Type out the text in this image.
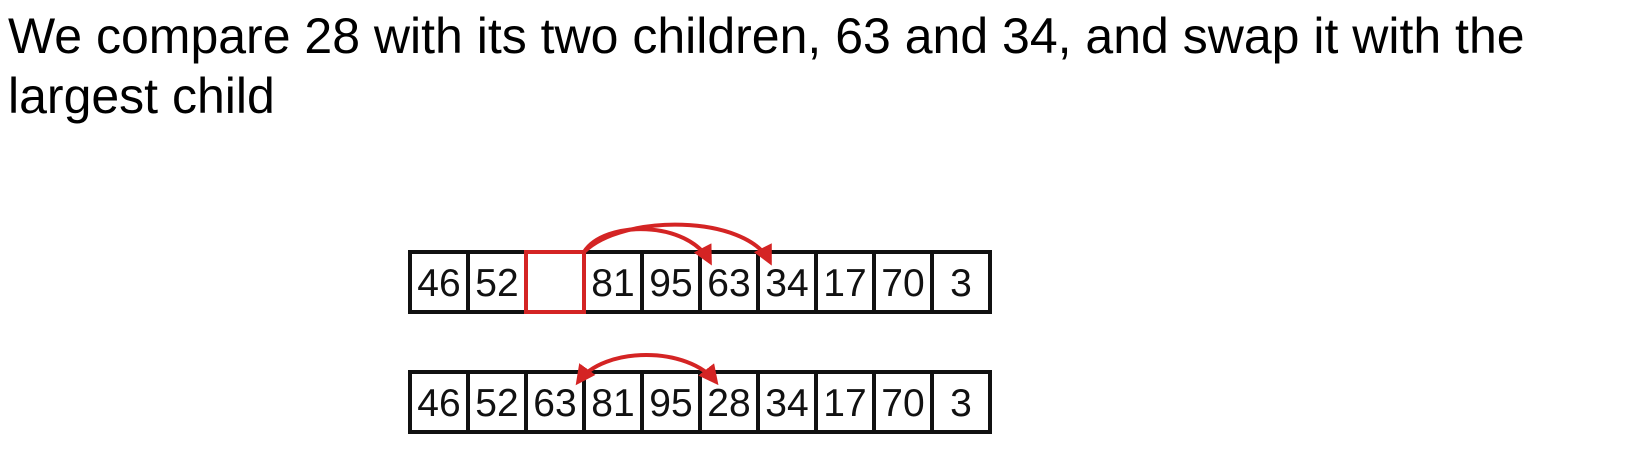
We compare 28 with its two children, 63 and 34, and swap it with the largest child

46 52 81 95 63 34 17 70 3
46 52 63 81 95 28 34 17 70 3
